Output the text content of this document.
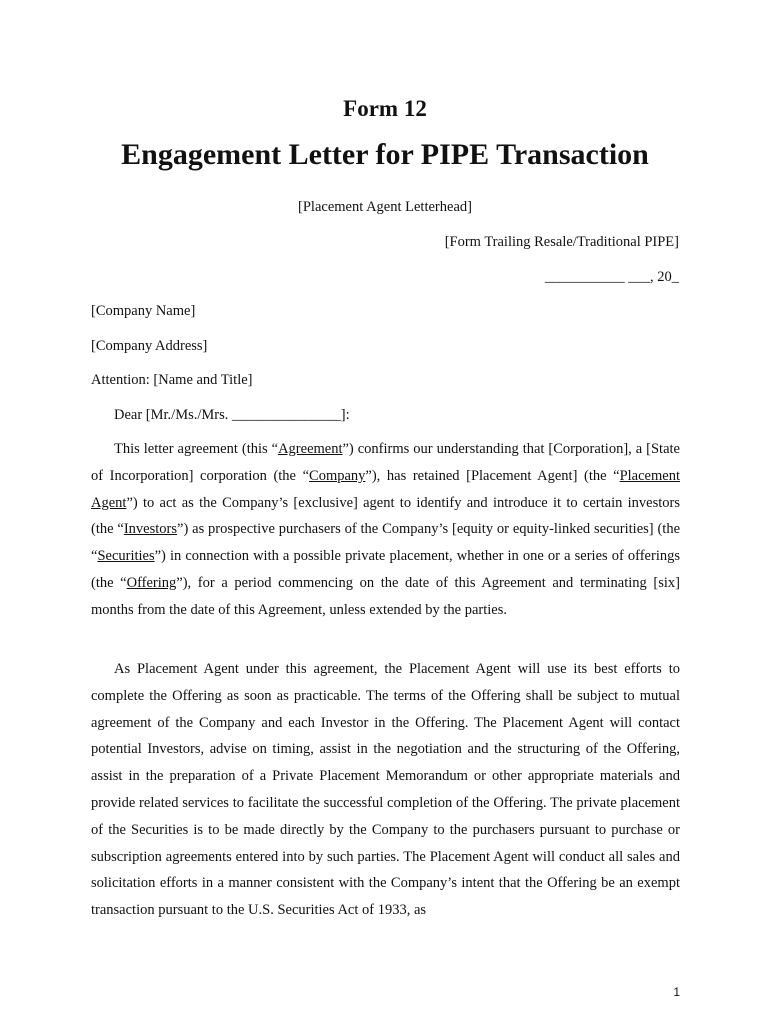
Form 12
Engagement Letter for PIPE Transaction
[Placement Agent Letterhead]
[Form Trailing Resale/Traditional PIPE]
___________ ___, 20_
[Company Name]
[Company Address]
Attention: [Name and Title]
Dear [Mr./Ms./Mrs. _______________]:

This letter agreement (this “Agreement”) confirms our understanding that [Corporation], a [State of Incorporation] corporation (the “Company”), has retained [Placement Agent] (the “Placement Agent”) to act as the Company’s [exclusive] agent to identify and introduce it to certain investors (the “Investors”) as prospective purchasers of the Company’s [equity or equity-linked securities] (the “Securities”) in connection with a possible private placement, whether in one or a series of offerings (the “Offering”), for a period commencing on the date of this Agreement and terminating [six] months from the date of this Agreement, unless extended by the parties.

As Placement Agent under this agreement, the Placement Agent will use its best efforts to complete the Offering as soon as practicable. The terms of the Offering shall be subject to mutual agreement of the Company and each Investor in the Offering. The Placement Agent will contact potential Investors, advise on timing, assist in the negotiation and the structuring of the Offering, assist in the preparation of a Private Placement Memorandum or other appropriate materials and provide related services to facilitate the successful completion of the Offering. The private placement of the Securities is to be made directly by the Company to the purchasers pursuant to purchase or subscription agreements entered into by such parties. The Placement Agent will conduct all sales and solicitation efforts in a manner consistent with the Company’s intent that the Offering be an exempt transaction pursuant to the U.S. Securities Act of 1933, as

1
